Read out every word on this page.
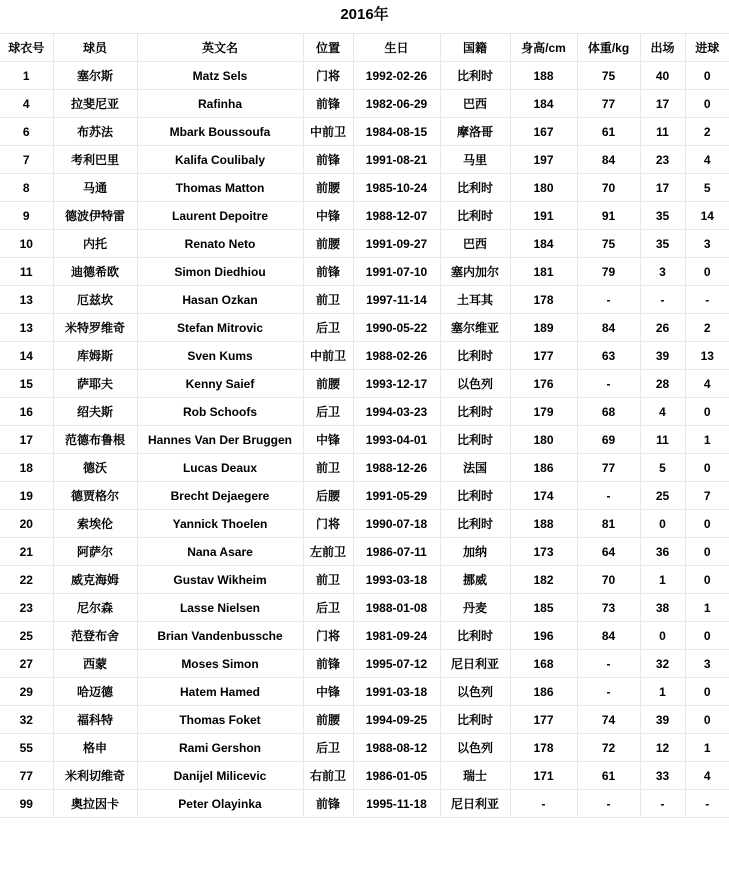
2016年
球衣号	球员	英文名	位置	生日	国籍	身高/cm	体重/kg	出场	进球
1	塞尔斯	Matz Sels	门将	1992-02-26	比利时	188	75	40	0
4	拉斐尼亚	Rafinha	前锋	1982-06-29	巴西	184	77	17	0
6	布苏法	Mbark Boussoufa	中前卫	1984-08-15	摩洛哥	167	61	11	2
7	考利巴里	Kalifa Coulibaly	前锋	1991-08-21	马里	197	84	23	4
8	马通	Thomas Matton	前腰	1985-10-24	比利时	180	70	17	5
9	德波伊特雷	Laurent Depoitre	中锋	1988-12-07	比利时	191	91	35	14
10	内托	Renato Neto	前腰	1991-09-27	巴西	184	75	35	3
11	迪德希欧	Simon Diedhiou	前锋	1991-07-10	塞内加尔	181	79	3	0
13	厄兹坎	Hasan Ozkan	前卫	1997-11-14	土耳其	178	-	-	-
13	米特罗维奇	Stefan Mitrovic	后卫	1990-05-22	塞尔维亚	189	84	26	2
14	库姆斯	Sven Kums	中前卫	1988-02-26	比利时	177	63	39	13
15	萨耶夫	Kenny Saief	前腰	1993-12-17	以色列	176	-	28	4
16	绍夫斯	Rob Schoofs	后卫	1994-03-23	比利时	179	68	4	0
17	范德布鲁根	Hannes Van Der Bruggen	中锋	1993-04-01	比利时	180	69	11	1
18	德沃	Lucas Deaux	前卫	1988-12-26	法国	186	77	5	0
19	德贾格尔	Brecht Dejaegere	后腰	1991-05-29	比利时	174	-	25	7
20	索埃伦	Yannick Thoelen	门将	1990-07-18	比利时	188	81	0	0
21	阿萨尔	Nana Asare	左前卫	1986-07-11	加纳	173	64	36	0
22	威克海姆	Gustav Wikheim	前卫	1993-03-18	挪威	182	70	1	0
23	尼尔森	Lasse Nielsen	后卫	1988-01-08	丹麦	185	73	38	1
25	范登布舍	Brian Vandenbussche	门将	1981-09-24	比利时	196	84	0	0
27	西蒙	Moses Simon	前锋	1995-07-12	尼日利亚	168	-	32	3
29	哈迈德	Hatem Hamed	中锋	1991-03-18	以色列	186	-	1	0
32	福科特	Thomas Foket	前腰	1994-09-25	比利时	177	74	39	0
55	格申	Rami Gershon	后卫	1988-08-12	以色列	178	72	12	1
77	米利切维奇	Danijel Milicevic	右前卫	1986-01-05	瑞士	171	61	33	4
99	奥拉因卡	Peter Olayinka	前锋	1995-11-18	尼日利亚	-	-	-	-
